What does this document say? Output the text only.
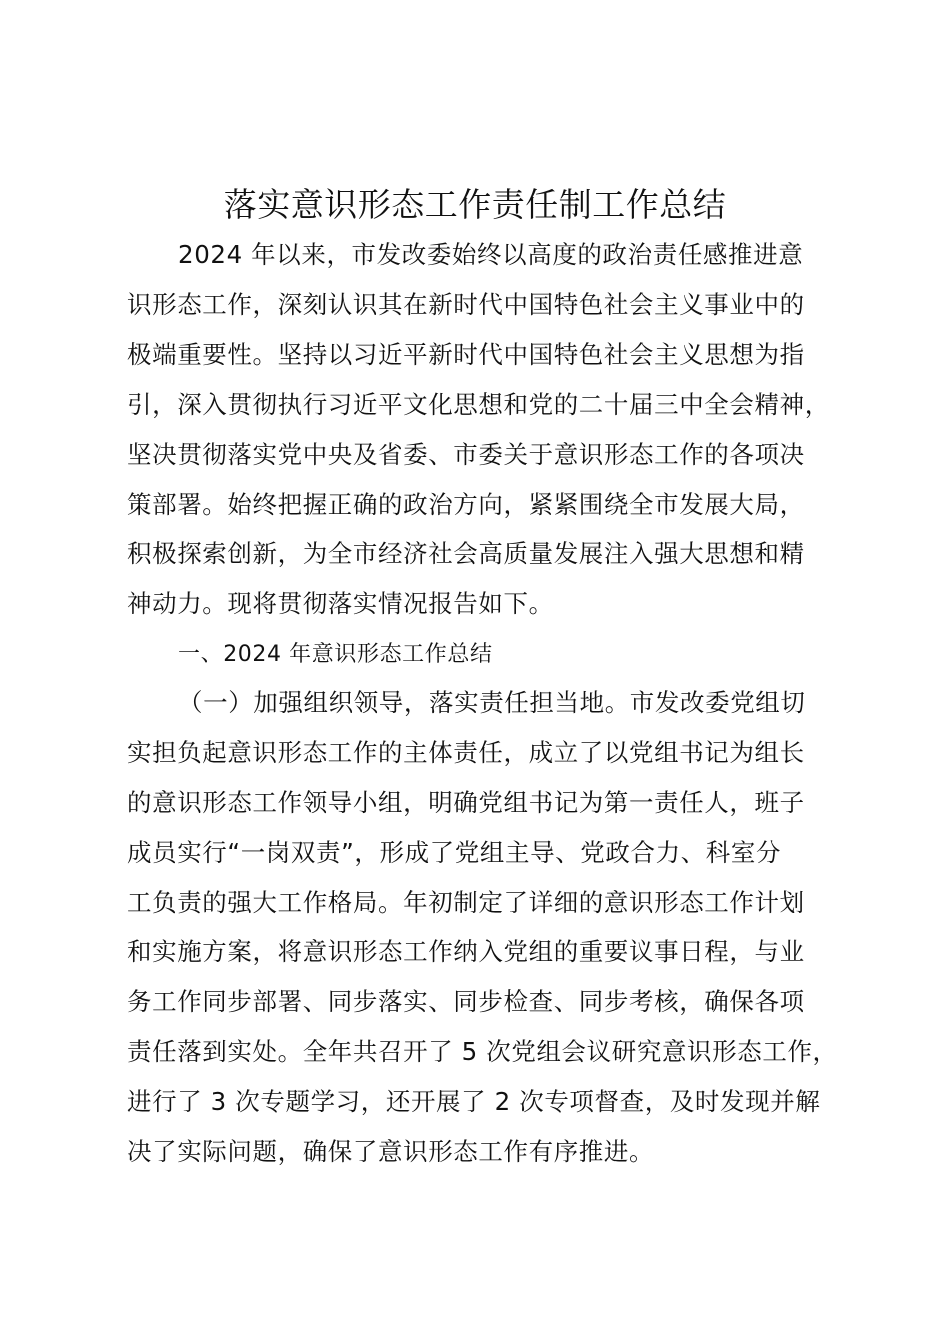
落实意识形态工作责任制工作总结
2024 年以来，市发改委始终以高度的政治责任感推进意
识形态工作，深刻认识其在新时代中国特色社会主义事业中的
极端重要性。坚持以习近平新时代中国特色社会主义思想为指
引，深入贯彻执行习近平文化思想和党的二十届三中全会精神，
坚决贯彻落实党中央及省委、市委关于意识形态工作的各项决
策部署。始终把握正确的政治方向，紧紧围绕全市发展大局，
积极探索创新，为全市经济社会高质量发展注入强大思想和精
神动力。现将贯彻落实情况报告如下。
一、2024 年意识形态工作总结
（一）加强组织领导，落实责任担当地。市发改委党组切
实担负起意识形态工作的主体责任，成立了以党组书记为组长
的意识形态工作领导小组，明确党组书记为第一责任人，班子
成员实行“一岗双责”，形成了党组主导、党政合力、科室分
工负责的强大工作格局。年初制定了详细的意识形态工作计划
和实施方案，将意识形态工作纳入党组的重要议事日程，与业
务工作同步部署、同步落实、同步检查、同步考核，确保各项
责任落到实处。全年共召开了 5 次党组会议研究意识形态工作，
进行了 3 次专题学习，还开展了 2 次专项督查，及时发现并解
决了实际问题，确保了意识形态工作有序推进。
